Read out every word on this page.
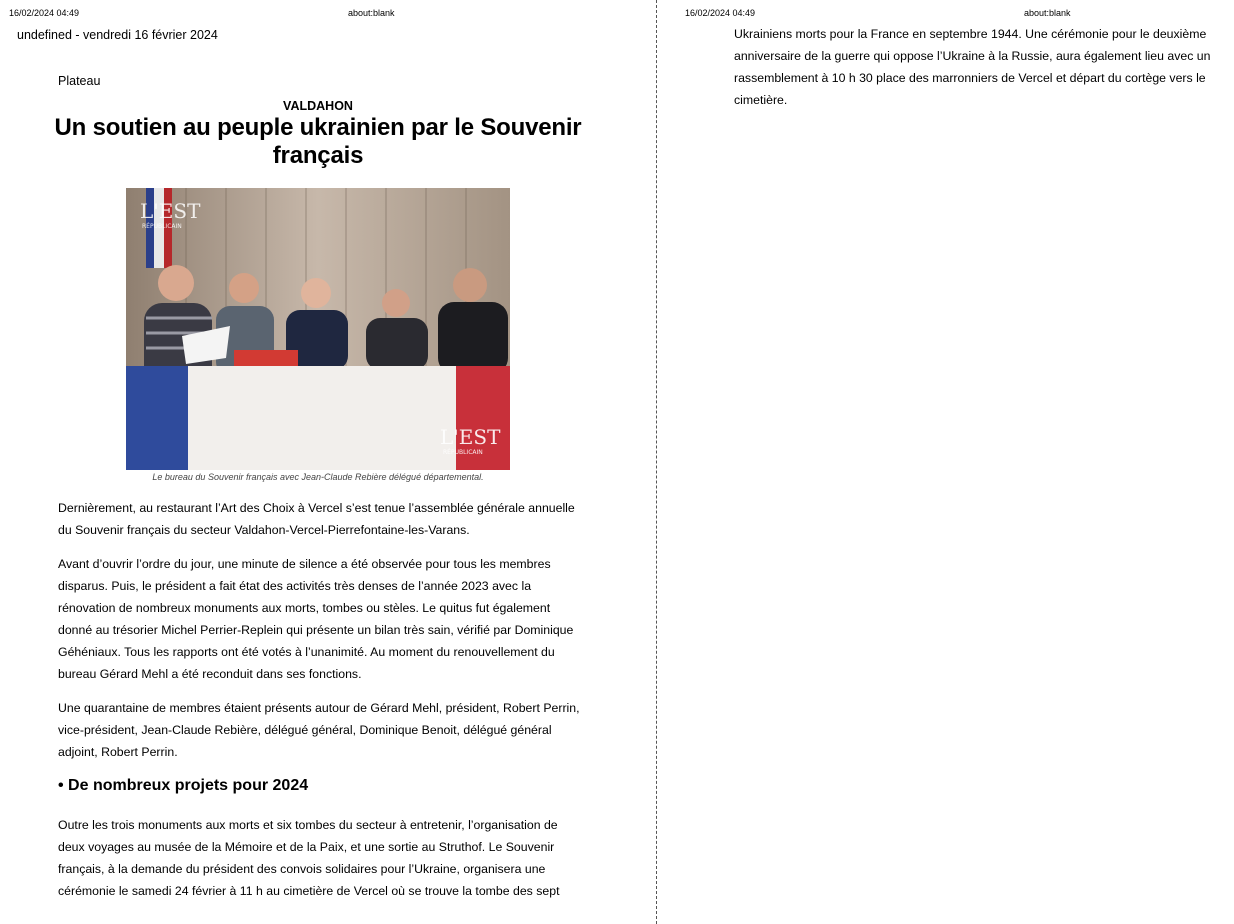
16/02/2024 04:49	about:blank
undefined - vendredi 16 février 2024
Plateau
VALDAHON
Un soutien au peuple ukrainien par le Souvenir français
L'EST
RÉPUBLICAIN
L'EST
RÉPUBLICAIN
Le bureau du Souvenir français avec Jean-Claude Rebière délégué départemental.

Dernièrement, au restaurant l’Art des Choix à Vercel s’est tenue l’assemblée générale annuelle du Souvenir français du secteur Valdahon-Vercel-Pierrefontaine-les-Varans.

Avant d’ouvrir l’ordre du jour, une minute de silence a été observée pour tous les membres disparus. Puis, le président a fait état des activités très denses de l’année 2023 avec la rénovation de nombreux monuments aux morts, tombes ou stèles. Le quitus fut également donné au trésorier Michel Perrier-Replein qui présente un bilan très sain, vérifié par Dominique Géhéniaux. Tous les rapports ont été votés à l’unanimité. Au moment du renouvellement du bureau Gérard Mehl a été reconduit dans ses fonctions.

Une quarantaine de membres étaient présents autour de Gérard Mehl, président, Robert Perrin, vice-président, Jean-Claude Rebière, délégué général, Dominique Benoit, délégué général adjoint, Robert Perrin.

• De nombreux projets pour 2024

Outre les trois monuments aux morts et six tombes du secteur à entretenir, l’organisation de deux voyages au musée de la Mémoire et de la Paix, et une sortie au Struthof. Le Souvenir français, à la demande du président des convois solidaires pour l’Ukraine, organisera une cérémonie le samedi 24 février à 11 h au cimetière de Vercel où se trouve la tombe des sept

16/02/2024 04:49	about:blank

Ukrainiens morts pour la France en septembre 1944. Une cérémonie pour le deuxième anniversaire de la guerre qui oppose l’Ukraine à la Russie, aura également lieu avec un rassemblement à 10 h 30 place des marronniers de Vercel et départ du cortège vers le cimetière.
